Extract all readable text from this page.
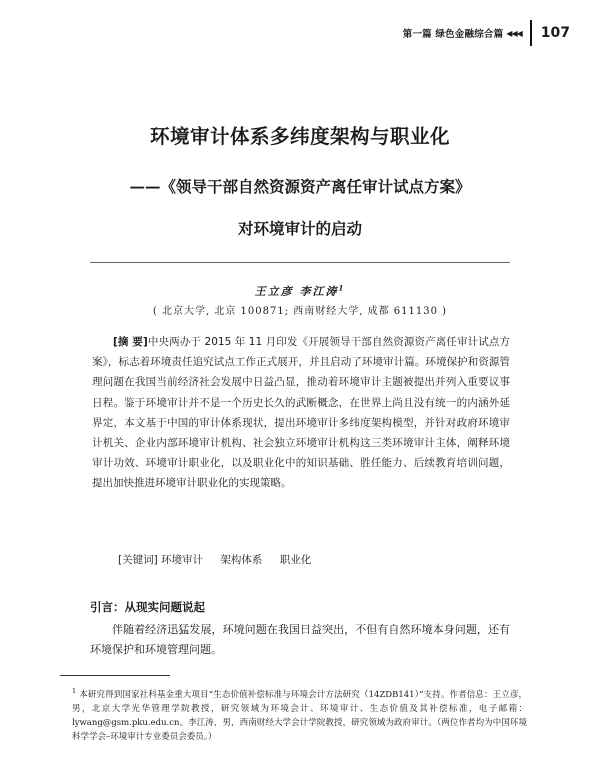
第一篇 绿色金融综合篇 ◀◀◀ 107
环境审计体系多纬度架构与职业化
——《领导干部自然资源资产离任审计试点方案》
对环境审计的启动
王立彦 李江涛$^1$
( 北京大学, 北京 100871; 西南财经大学, 成都 611130 )

[摘 要]中央两办于 2015 年 11 月印发《开展领导干部自然资源资产离任审计试点方案》，标志着环境责任追究试点工作正式展开，并且启动了环境审计篇。环境保护和资源管理问题在我国当前经济社会发展中日益凸显，推动着环境审计主题被提出并列入重要议事日程。鉴于环境审计并不是一个历史长久的武断概念，在世界上尚且没有统一的内涵外延界定，本文基于中国的审计体系现状，提出环境审计多纬度架构模型，并针对政府环境审计机关、企业内部环境审计机构、社会独立环境审计机构这三类环境审计主体，阐释环境审计功效、环境审计职业化，以及职业化中的知识基础、胜任能力、后续教育培训问题，提出加快推进环境审计职业化的实现策略。

[关键词] 环境审计 架构体系 职业化
引言：从现实问题说起

伴随着经济迅猛发展，环境问题在我国日益突出，不但有自然环境本身问题，还有环境保护和环境管理问题。

$^1$ 本研究得到国家社科基金重大项目“生态价值补偿标准与环境会计方法研究（14ZDB141）”支持。作者信息：王立彦，男，北京大学光华管理学院教授，研究领域为环境会计、环境审计、生态价值及其补偿标准，电子邮箱：lywang@gsm.pku.edu.cn。李江涛，男，西南财经大学会计学院教授，研究领域为政府审计。（两位作者均为中国环境科学学会–环境审计专业委员会委员。）
